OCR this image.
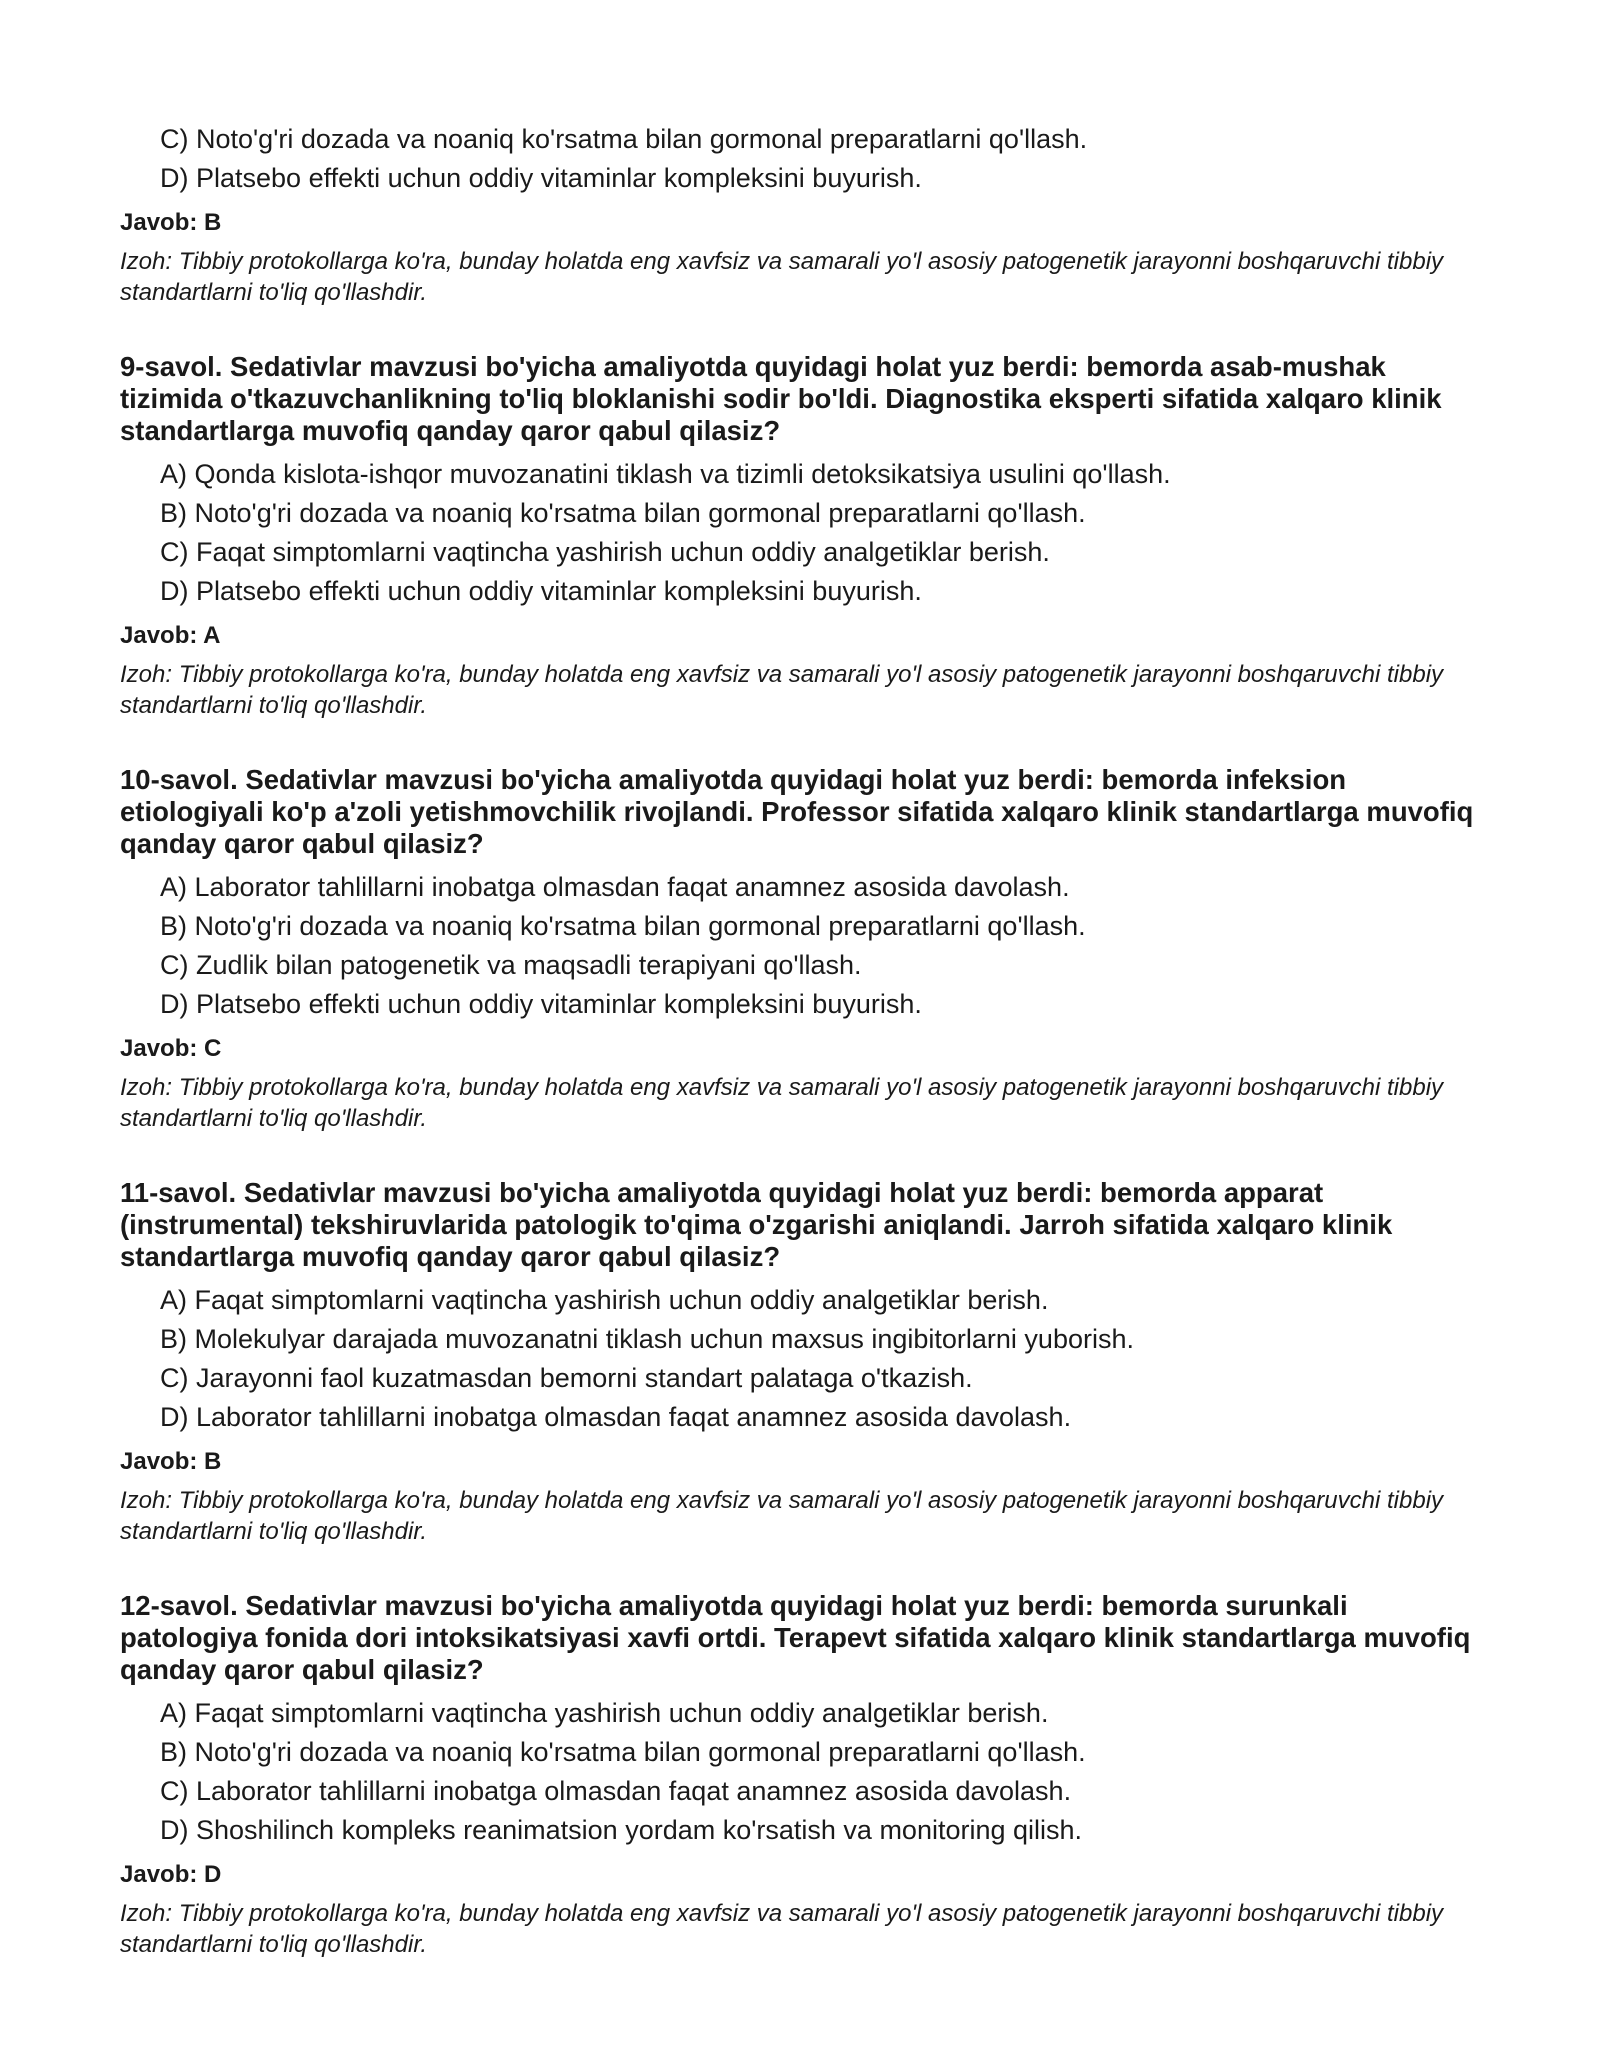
C) Noto'g'ri dozada va noaniq ko'rsatma bilan gormonal preparatlarni qo'llash.

D) Platsebo effekti uchun oddiy vitaminlar kompleksini buyurish.

Javob: B
Izoh: Tibbiy protokollarga ko'ra, bunday holatda eng xavfsiz va samarali yo'l asosiy patogenetik jarayonni boshqaruvchi tibbiy standartlarni to'liq qo'llashdir.

9-savol. Sedativlar mavzusi bo'yicha amaliyotda quyidagi holat yuz berdi: bemorda asab-mushak tizimida o'tkazuvchanlikning to'liq bloklanishi sodir bo'ldi. Diagnostika eksperti sifatida xalqaro klinik standartlarga muvofiq qanday qaror qabul qilasiz?

A) Qonda kislota-ishqor muvozanatini tiklash va tizimli detoksikatsiya usulini qo'llash.

B) Noto'g'ri dozada va noaniq ko'rsatma bilan gormonal preparatlarni qo'llash.

C) Faqat simptomlarni vaqtincha yashirish uchun oddiy analgetiklar berish.

D) Platsebo effekti uchun oddiy vitaminlar kompleksini buyurish.

Javob: A
Izoh: Tibbiy protokollarga ko'ra, bunday holatda eng xavfsiz va samarali yo'l asosiy patogenetik jarayonni boshqaruvchi tibbiy standartlarni to'liq qo'llashdir.

10-savol. Sedativlar mavzusi bo'yicha amaliyotda quyidagi holat yuz berdi: bemorda infeksion etiologiyali ko'p a'zoli yetishmovchilik rivojlandi. Professor sifatida xalqaro klinik standartlarga muvofiq qanday qaror qabul qilasiz?

A) Laborator tahlillarni inobatga olmasdan faqat anamnez asosida davolash.

B) Noto'g'ri dozada va noaniq ko'rsatma bilan gormonal preparatlarni qo'llash.

C) Zudlik bilan patogenetik va maqsadli terapiyani qo'llash.

D) Platsebo effekti uchun oddiy vitaminlar kompleksini buyurish.

Javob: C
Izoh: Tibbiy protokollarga ko'ra, bunday holatda eng xavfsiz va samarali yo'l asosiy patogenetik jarayonni boshqaruvchi tibbiy standartlarni to'liq qo'llashdir.

11-savol. Sedativlar mavzusi bo'yicha amaliyotda quyidagi holat yuz berdi: bemorda apparat (instrumental) tekshiruvlarida patologik to'qima o'zgarishi aniqlandi. Jarroh sifatida xalqaro klinik standartlarga muvofiq qanday qaror qabul qilasiz?

A) Faqat simptomlarni vaqtincha yashirish uchun oddiy analgetiklar berish.

B) Molekulyar darajada muvozanatni tiklash uchun maxsus ingibitorlarni yuborish.

C) Jarayonni faol kuzatmasdan bemorni standart palataga o'tkazish.

D) Laborator tahlillarni inobatga olmasdan faqat anamnez asosida davolash.

Javob: B
Izoh: Tibbiy protokollarga ko'ra, bunday holatda eng xavfsiz va samarali yo'l asosiy patogenetik jarayonni boshqaruvchi tibbiy standartlarni to'liq qo'llashdir.

12-savol. Sedativlar mavzusi bo'yicha amaliyotda quyidagi holat yuz berdi: bemorda surunkali patologiya fonida dori intoksikatsiyasi xavfi ortdi. Terapevt sifatida xalqaro klinik standartlarga muvofiq qanday qaror qabul qilasiz?

A) Faqat simptomlarni vaqtincha yashirish uchun oddiy analgetiklar berish.

B) Noto'g'ri dozada va noaniq ko'rsatma bilan gormonal preparatlarni qo'llash.

C) Laborator tahlillarni inobatga olmasdan faqat anamnez asosida davolash.

D) Shoshilinch kompleks reanimatsion yordam ko'rsatish va monitoring qilish.

Javob: D
Izoh: Tibbiy protokollarga ko'ra, bunday holatda eng xavfsiz va samarali yo'l asosiy patogenetik jarayonni boshqaruvchi tibbiy standartlarni to'liq qo'llashdir.
